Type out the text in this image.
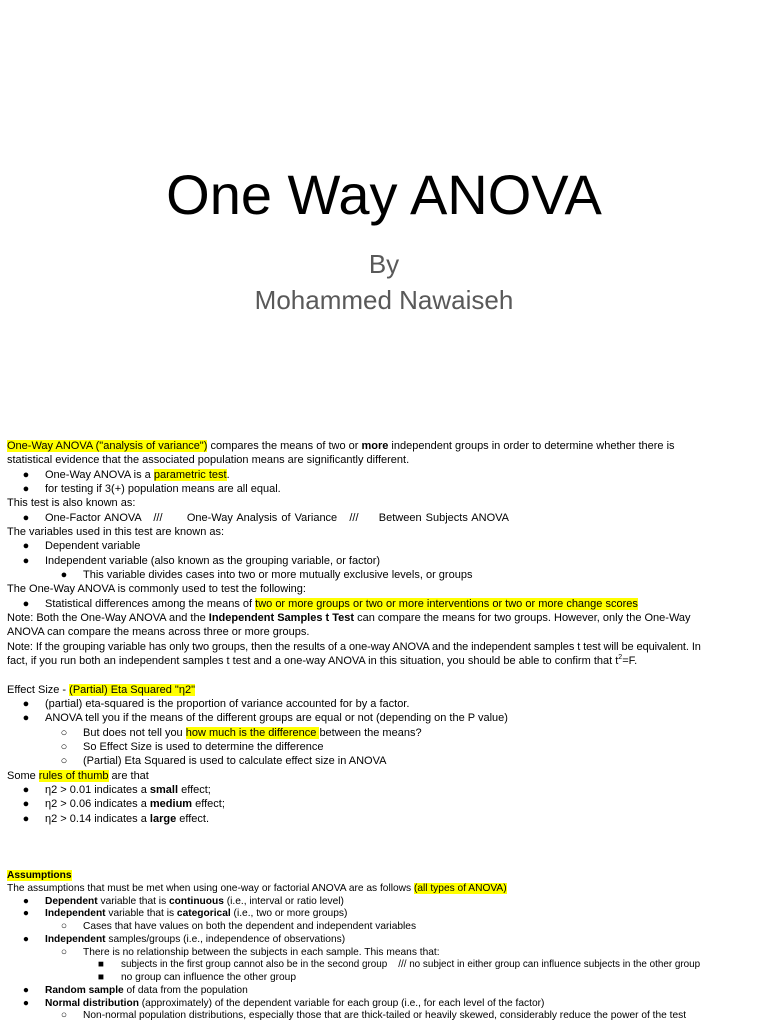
One Way ANOVA
By
Mohammed Nawaiseh
One-Way ANOVA ("analysis of variance") compares the means of two or more independent groups in order to determine whether there is
statistical evidence that the associated population means are significantly different.
● One-Way ANOVA is a parametric test.
● for testing if 3(+) population means are all equal.
This test is also known as:
● One-Factor ANOVA   ///      One-Way Analysis of Variance   ///     Between Subjects ANOVA
The variables used in this test are known as:
● Dependent variable
● Independent variable (also known as the grouping variable, or factor)
● This variable divides cases into two or more mutually exclusive levels, or groups
The One-Way ANOVA is commonly used to test the following:
● Statistical differences among the means of two or more groups or two or more interventions or two or more change scores
Note: Both the One-Way ANOVA and the Independent Samples t Test can compare the means for two groups. However, only the One-Way
ANOVA can compare the means across three or more groups.
Note: If the grouping variable has only two groups, then the results of a one-way ANOVA and the independent samples t test will be equivalent. In
fact, if you run both an independent samples t test and a one-way ANOVA in this situation, you should be able to confirm that $t^2=F$.
Effect Size - (Partial) Eta Squared "η2"
● (partial) eta-squared is the proportion of variance accounted for by a factor.
● ANOVA tell you if the means of the different groups are equal or not (depending on the P value)
○ But does not tell you how much is the difference between the means?
○ So Effect Size is used to determine the difference
○ (Partial) Eta Squared is used to calculate effect size in ANOVA
Some rules of thumb are that
● η2 > 0.01 indicates a small effect;
● η2 > 0.06 indicates a medium effect;
● η2 > 0.14 indicates a large effect.
Assumptions
The assumptions that must be met when using one-way or factorial ANOVA are as follows (all types of ANOVA)
● Dependent variable that is continuous (i.e., interval or ratio level)
● Independent variable that is categorical (i.e., two or more groups)
○ Cases that have values on both the dependent and independent variables
● Independent samples/groups (i.e., independence of observations)
○ There is no relationship between the subjects in each sample. This means that:
■ subjects in the first group cannot also be in the second group    /// no subject in either group can influence subjects in the other group
■ no group can influence the other group
● Random sample of data from the population
● Normal distribution (approximately) of the dependent variable for each group (i.e., for each level of the factor)
○ Non-normal population distributions, especially those that are thick-tailed or heavily skewed, considerably reduce the power of the test
